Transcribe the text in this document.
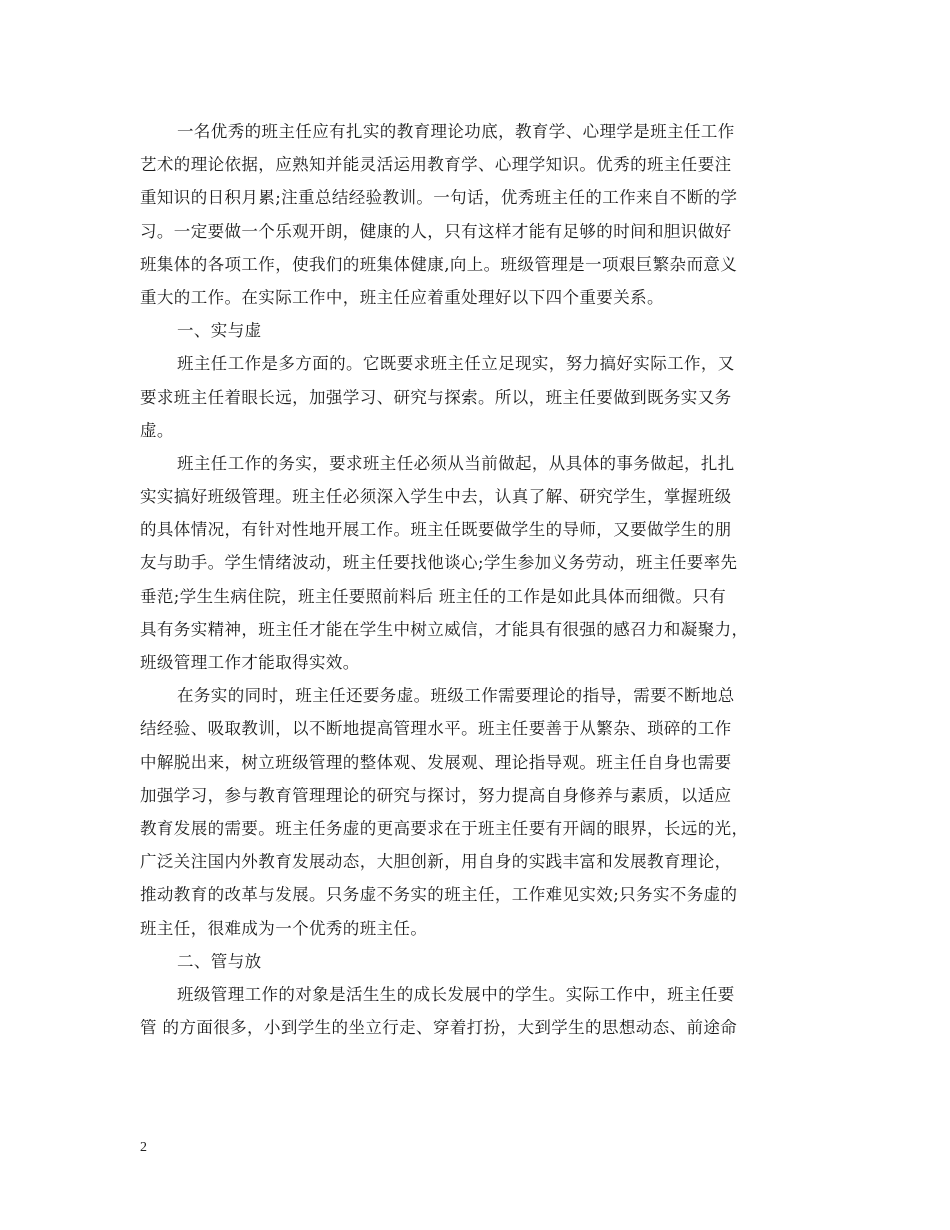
一名优秀的班主任应有扎实的教育理论功底，教育学、心理学是班主任工作
艺术的理论依据，应熟知并能灵活运用教育学、心理学知识。优秀的班主任要注
重知识的日积月累;注重总结经验教训。一句话，优秀班主任的工作来自不断的学
习。一定要做一个乐观开朗，健康的人，只有这样才能有足够的时间和胆识做好
班集体的各项工作，使我们的班集体健康,向上。班级管理是一项艰巨繁杂而意义
重大的工作。在实际工作中，班主任应着重处理好以下四个重要关系。
一、实与虚
班主任工作是多方面的。它既要求班主任立足现实，努力搞好实际工作，又
要求班主任着眼长远，加强学习、研究与探索。所以，班主任要做到既务实又务
虚。
班主任工作的务实，要求班主任必须从当前做起，从具体的事务做起，扎扎
实实搞好班级管理。班主任必须深入学生中去，认真了解、研究学生，掌握班级
的具体情况，有针对性地开展工作。班主任既要做学生的导师，又要做学生的朋
友与助手。学生情绪波动，班主任要找他谈心;学生参加义务劳动，班主任要率先
垂范;学生生病住院，班主任要照前料后 班主任的工作是如此具体而细微。只有
具有务实精神，班主任才能在学生中树立威信，才能具有很强的感召力和凝聚力，
班级管理工作才能取得实效。
在务实的同时，班主任还要务虚。班级工作需要理论的指导，需要不断地总
结经验、吸取教训，以不断地提高管理水平。班主任要善于从繁杂、琐碎的工作
中解脱出来，树立班级管理的整体观、发展观、理论指导观。班主任自身也需要
加强学习，参与教育管理理论的研究与探讨，努力提高自身修养与素质，以适应
教育发展的需要。班主任务虚的更高要求在于班主任要有开阔的眼界，长远的光，
广泛关注国内外教育发展动态，大胆创新，用自身的实践丰富和发展教育理论，
推动教育的改革与发展。只务虚不务实的班主任，工作难见实效;只务实不务虚的
班主任，很难成为一个优秀的班主任。
二、管与放
班级管理工作的对象是活生生的成长发展中的学生。实际工作中，班主任要
管 的方面很多，小到学生的坐立行走、穿着打扮，大到学生的思想动态、前途命
2
